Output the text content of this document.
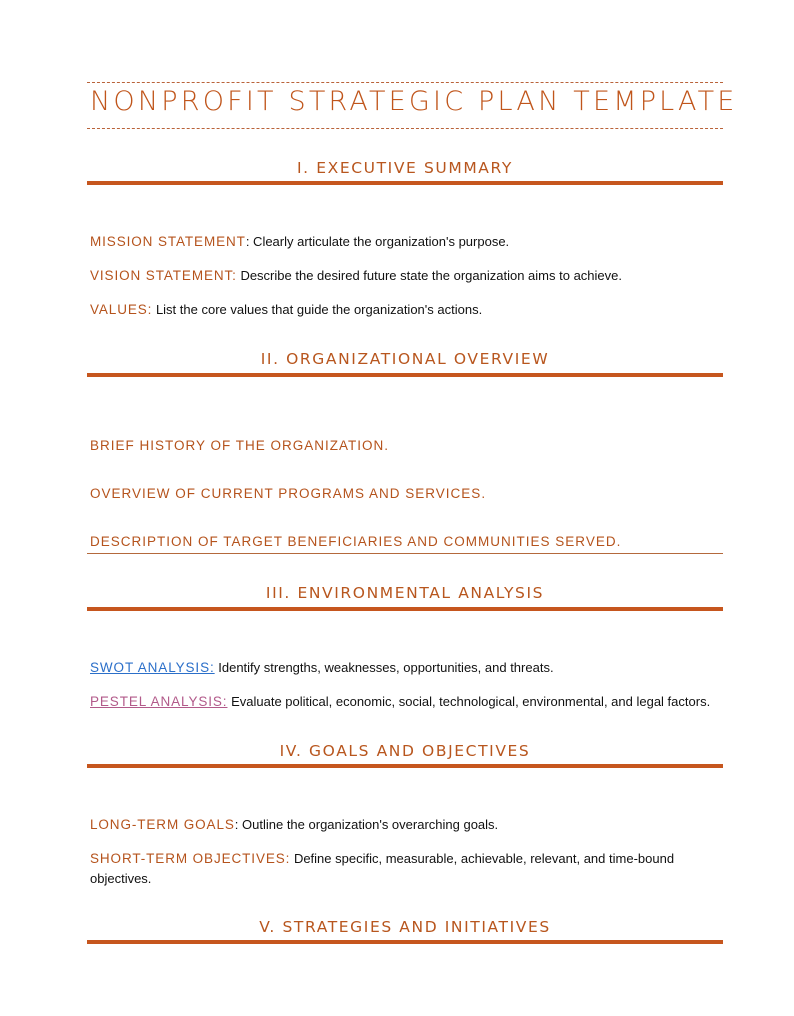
NONPROFIT STRATEGIC PLAN TEMPLATE
I. EXECUTIVE SUMMARY
MISSION STATEMENT: Clearly articulate the organization's purpose.
VISION STATEMENT: Describe the desired future state the organization aims to achieve.
VALUES: List the core values that guide the organization's actions.
II. ORGANIZATIONAL OVERVIEW
BRIEF HISTORY OF THE ORGANIZATION.
OVERVIEW OF CURRENT PROGRAMS AND SERVICES.
DESCRIPTION OF TARGET BENEFICIARIES AND COMMUNITIES SERVED.
III. ENVIRONMENTAL ANALYSIS
SWOT ANALYSIS: Identify strengths, weaknesses, opportunities, and threats.
PESTEL ANALYSIS: Evaluate political, economic, social, technological, environmental, and legal factors.
IV. GOALS AND OBJECTIVES
LONG-TERM GOALS: Outline the organization's overarching goals.
SHORT-TERM OBJECTIVES: Define specific, measurable, achievable, relevant, and time-bound objectives.
V. STRATEGIES AND INITIATIVES
